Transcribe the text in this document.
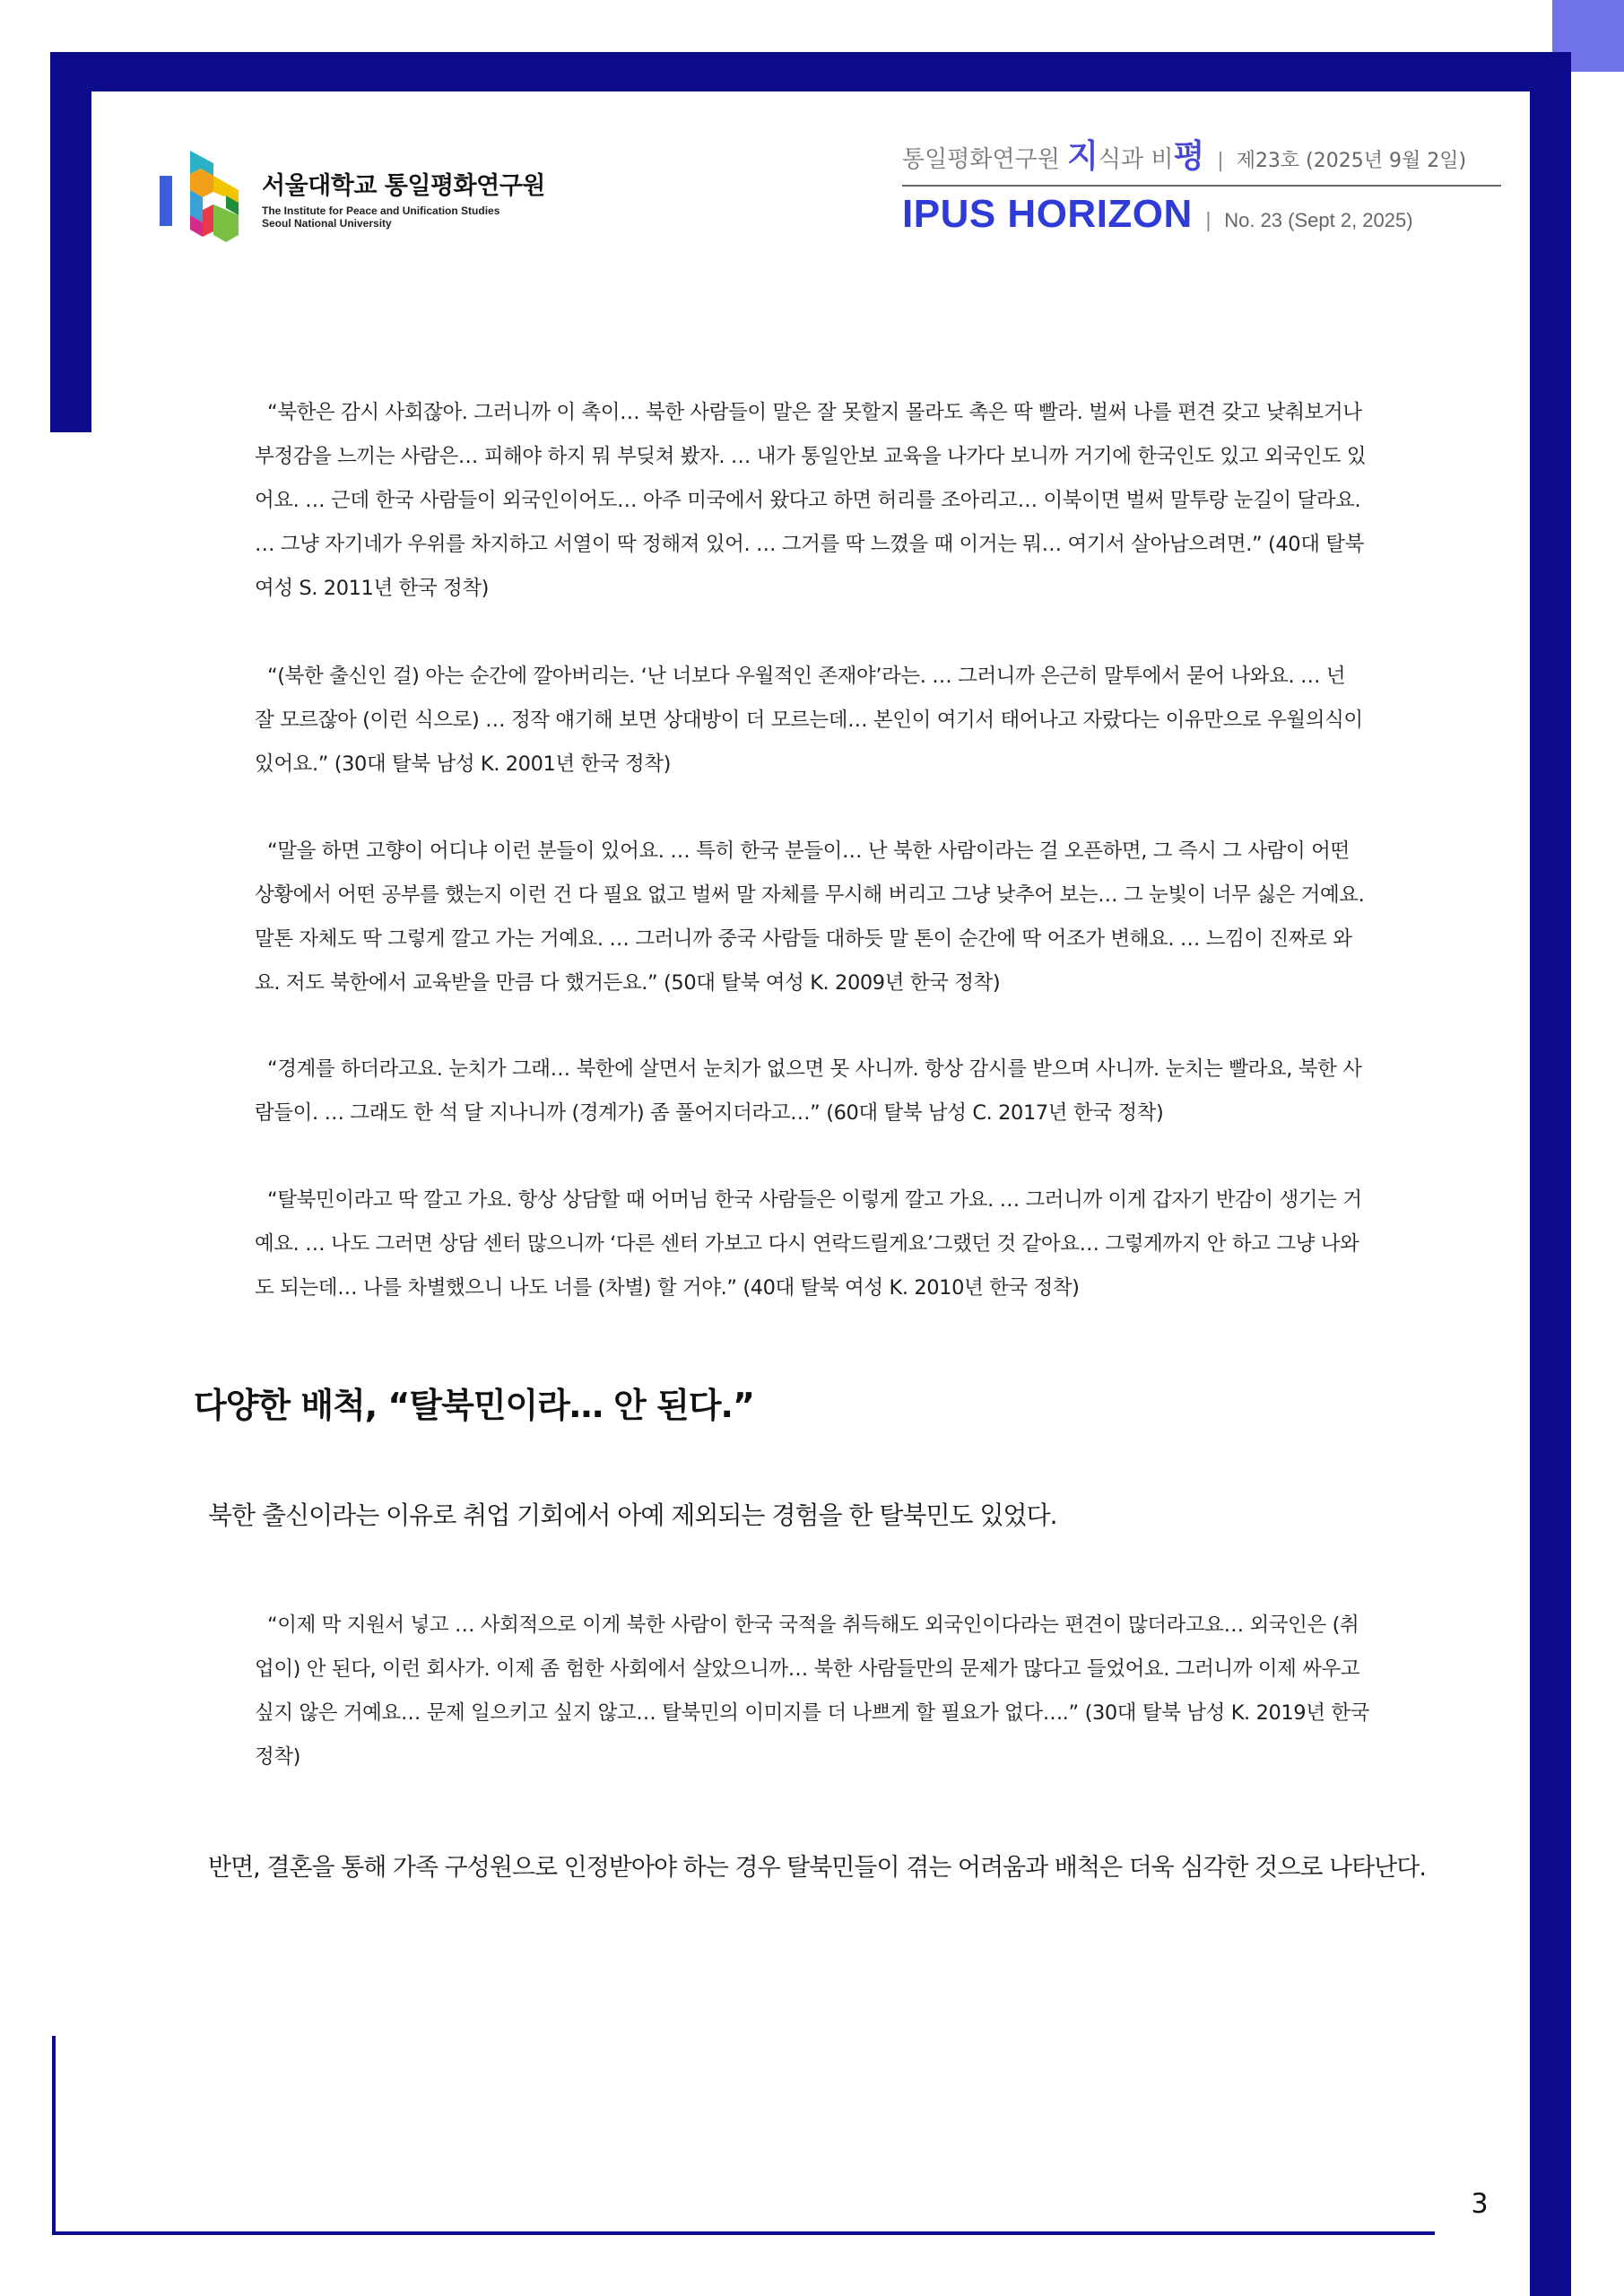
3
서울대학교 통일평화연구원
The Institute for Peace and Unification Studies
Seoul National University
통일평화연구원 지식과 비평 | 제23호 (2025년 9월 2일)
IPUS HORIZON | No. 23 (Sept 2, 2025)
“북한은 감시 사회잖아. 그러니까 이 촉이… 북한 사람들이 말은 잘 못할지 몰라도 촉은 딱 빨라. 벌써 나를 편견 갖고 낮춰보거나 부정감을 느끼는 사람은… 피해야 하지 뭐 부딪쳐 봤자. … 내가 통일안보 교육을 나가다 보니까 거기에 한국인도 있고 외국인도 있어요. … 근데 한국 사람들이 외국인이어도… 아주 미국에서 왔다고 하면 허리를 조아리고… 이북이면 벌써 말투랑 눈길이 달라요. … 그냥 자기네가 우위를 차지하고 서열이 딱 정해져 있어. … 그거를 딱 느꼈을 때 이거는 뭐… 여기서 살아남으려면.” (40대 탈북 여성 S. 2011년 한국 정착)
“(북한 출신인 걸) 아는 순간에 깔아버리는. ‘난 너보다 우월적인 존재야’라는. … 그러니까 은근히 말투에서 묻어 나와요. … 넌 잘 모르잖아 (이런 식으로) … 정작 얘기해 보면 상대방이 더 모르는데… 본인이 여기서 태어나고 자랐다는 이유만으로 우월의식이 있어요.” (30대 탈북 남성 K. 2001년 한국 정착)
“말을 하면 고향이 어디냐 이런 분들이 있어요. … 특히 한국 분들이… 난 북한 사람이라는 걸 오픈하면, 그 즉시 그 사람이 어떤 상황에서 어떤 공부를 했는지 이런 건 다 필요 없고 벌써 말 자체를 무시해 버리고 그냥 낮추어 보는… 그 눈빛이 너무 싫은 거예요. 말톤 자체도 딱 그렇게 깔고 가는 거예요. … 그러니까 중국 사람들 대하듯 말 톤이 순간에 딱 어조가 변해요. … 느낌이 진짜로 와요. 저도 북한에서 교육받을 만큼 다 했거든요.” (50대 탈북 여성 K. 2009년 한국 정착)
“경계를 하더라고요. 눈치가 그래… 북한에 살면서 눈치가 없으면 못 사니까. 항상 감시를 받으며 사니까. 눈치는 빨라요, 북한 사람들이. … 그래도 한 석 달 지나니까 (경계가) 좀 풀어지더라고…” (60대 탈북 남성 C. 2017년 한국 정착)
“탈북민이라고 딱 깔고 가요. 항상 상담할 때 어머님 한국 사람들은 이렇게 깔고 가요. … 그러니까 이게 갑자기 반감이 생기는 거예요. … 나도 그러면 상담 센터 많으니까 ‘다른 센터 가보고 다시 연락드릴게요’그랬던 것 같아요… 그렇게까지 안 하고 그냥 나와도 되는데… 나를 차별했으니 나도 너를 (차별) 할 거야.” (40대 탈북 여성 K. 2010년 한국 정착)
다양한 배척, “탈북민이라… 안 된다.”
북한 출신이라는 이유로 취업 기회에서 아예 제외되는 경험을 한 탈북민도 있었다.
“이제 막 지원서 넣고 … 사회적으로 이게 북한 사람이 한국 국적을 취득해도 외국인이다라는 편견이 많더라고요… 외국인은 (취업이) 안 된다, 이런 회사가. 이제 좀 험한 사회에서 살았으니까… 북한 사람들만의 문제가 많다고 들었어요. 그러니까 이제 싸우고 싶지 않은 거예요… 문제 일으키고 싶지 않고… 탈북민의 이미지를 더 나쁘게 할 필요가 없다….” (30대 탈북 남성 K. 2019년 한국 정착)
반면, 결혼을 통해 가족 구성원으로 인정받아야 하는 경우 탈북민들이 겪는 어려움과 배척은 더욱 심각한 것으로 나타난다.
